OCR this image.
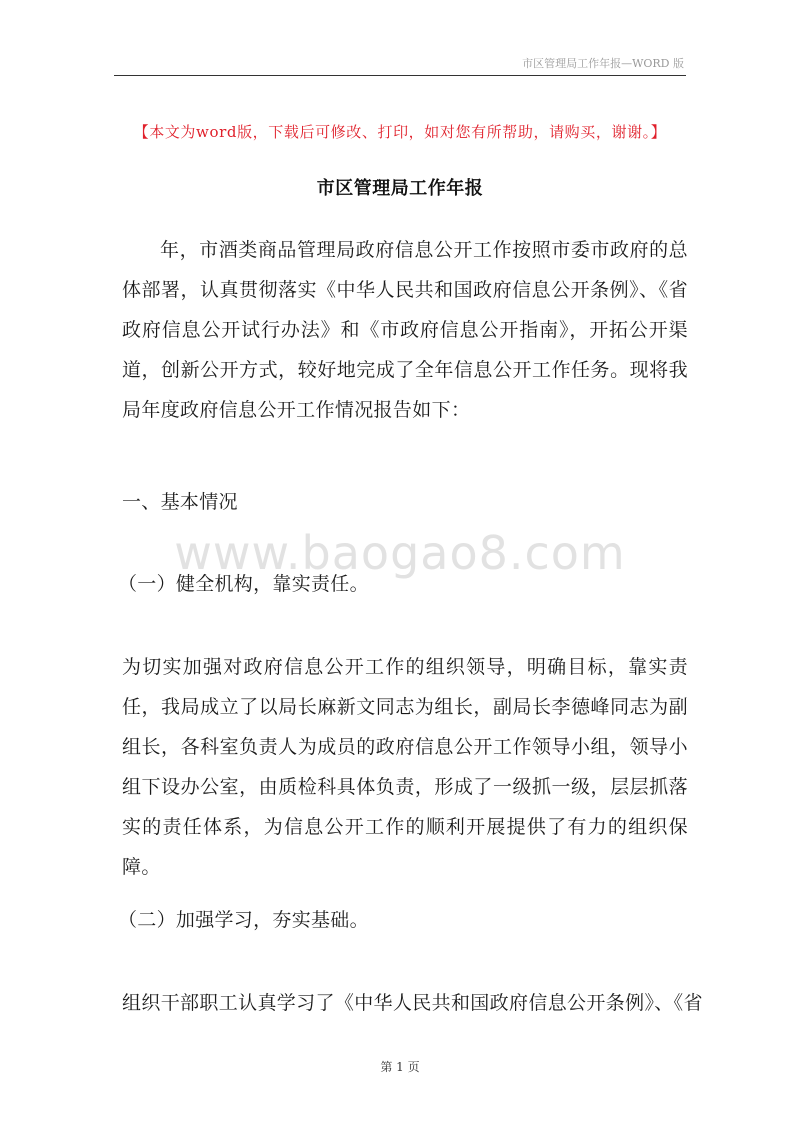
市区管理局工作年报—WORD 版
【本文为word版，下载后可修改、打印，如对您有所帮助，请购买，谢谢。】
市区管理局工作年报
年，市酒类商品管理局政府信息公开工作按照市委市政府的总体部署，认真贯彻落实《中华人民共和国政府信息公开条例》、《省政府信息公开试行办法》和《市政府信息公开指南》，开拓公开渠道，创新公开方式，较好地完成了全年信息公开工作任务。现将我局年度政府信息公开工作情况报告如下：
一、基本情况
www.baogao8.com
（一）健全机构，靠实责任。
为切实加强对政府信息公开工作的组织领导，明确目标，靠实责任，我局成立了以局长麻新文同志为组长，副局长李德峰同志为副组长，各科室负责人为成员的政府信息公开工作领导小组，领导小组下设办公室，由质检科具体负责，形成了一级抓一级，层层抓落实的责任体系，为信息公开工作的顺利开展提供了有力的组织保障。
（二）加强学习，夯实基础。
组织干部职工认真学习了《中华人民共和国政府信息公开条例》、《省
第 1 页
